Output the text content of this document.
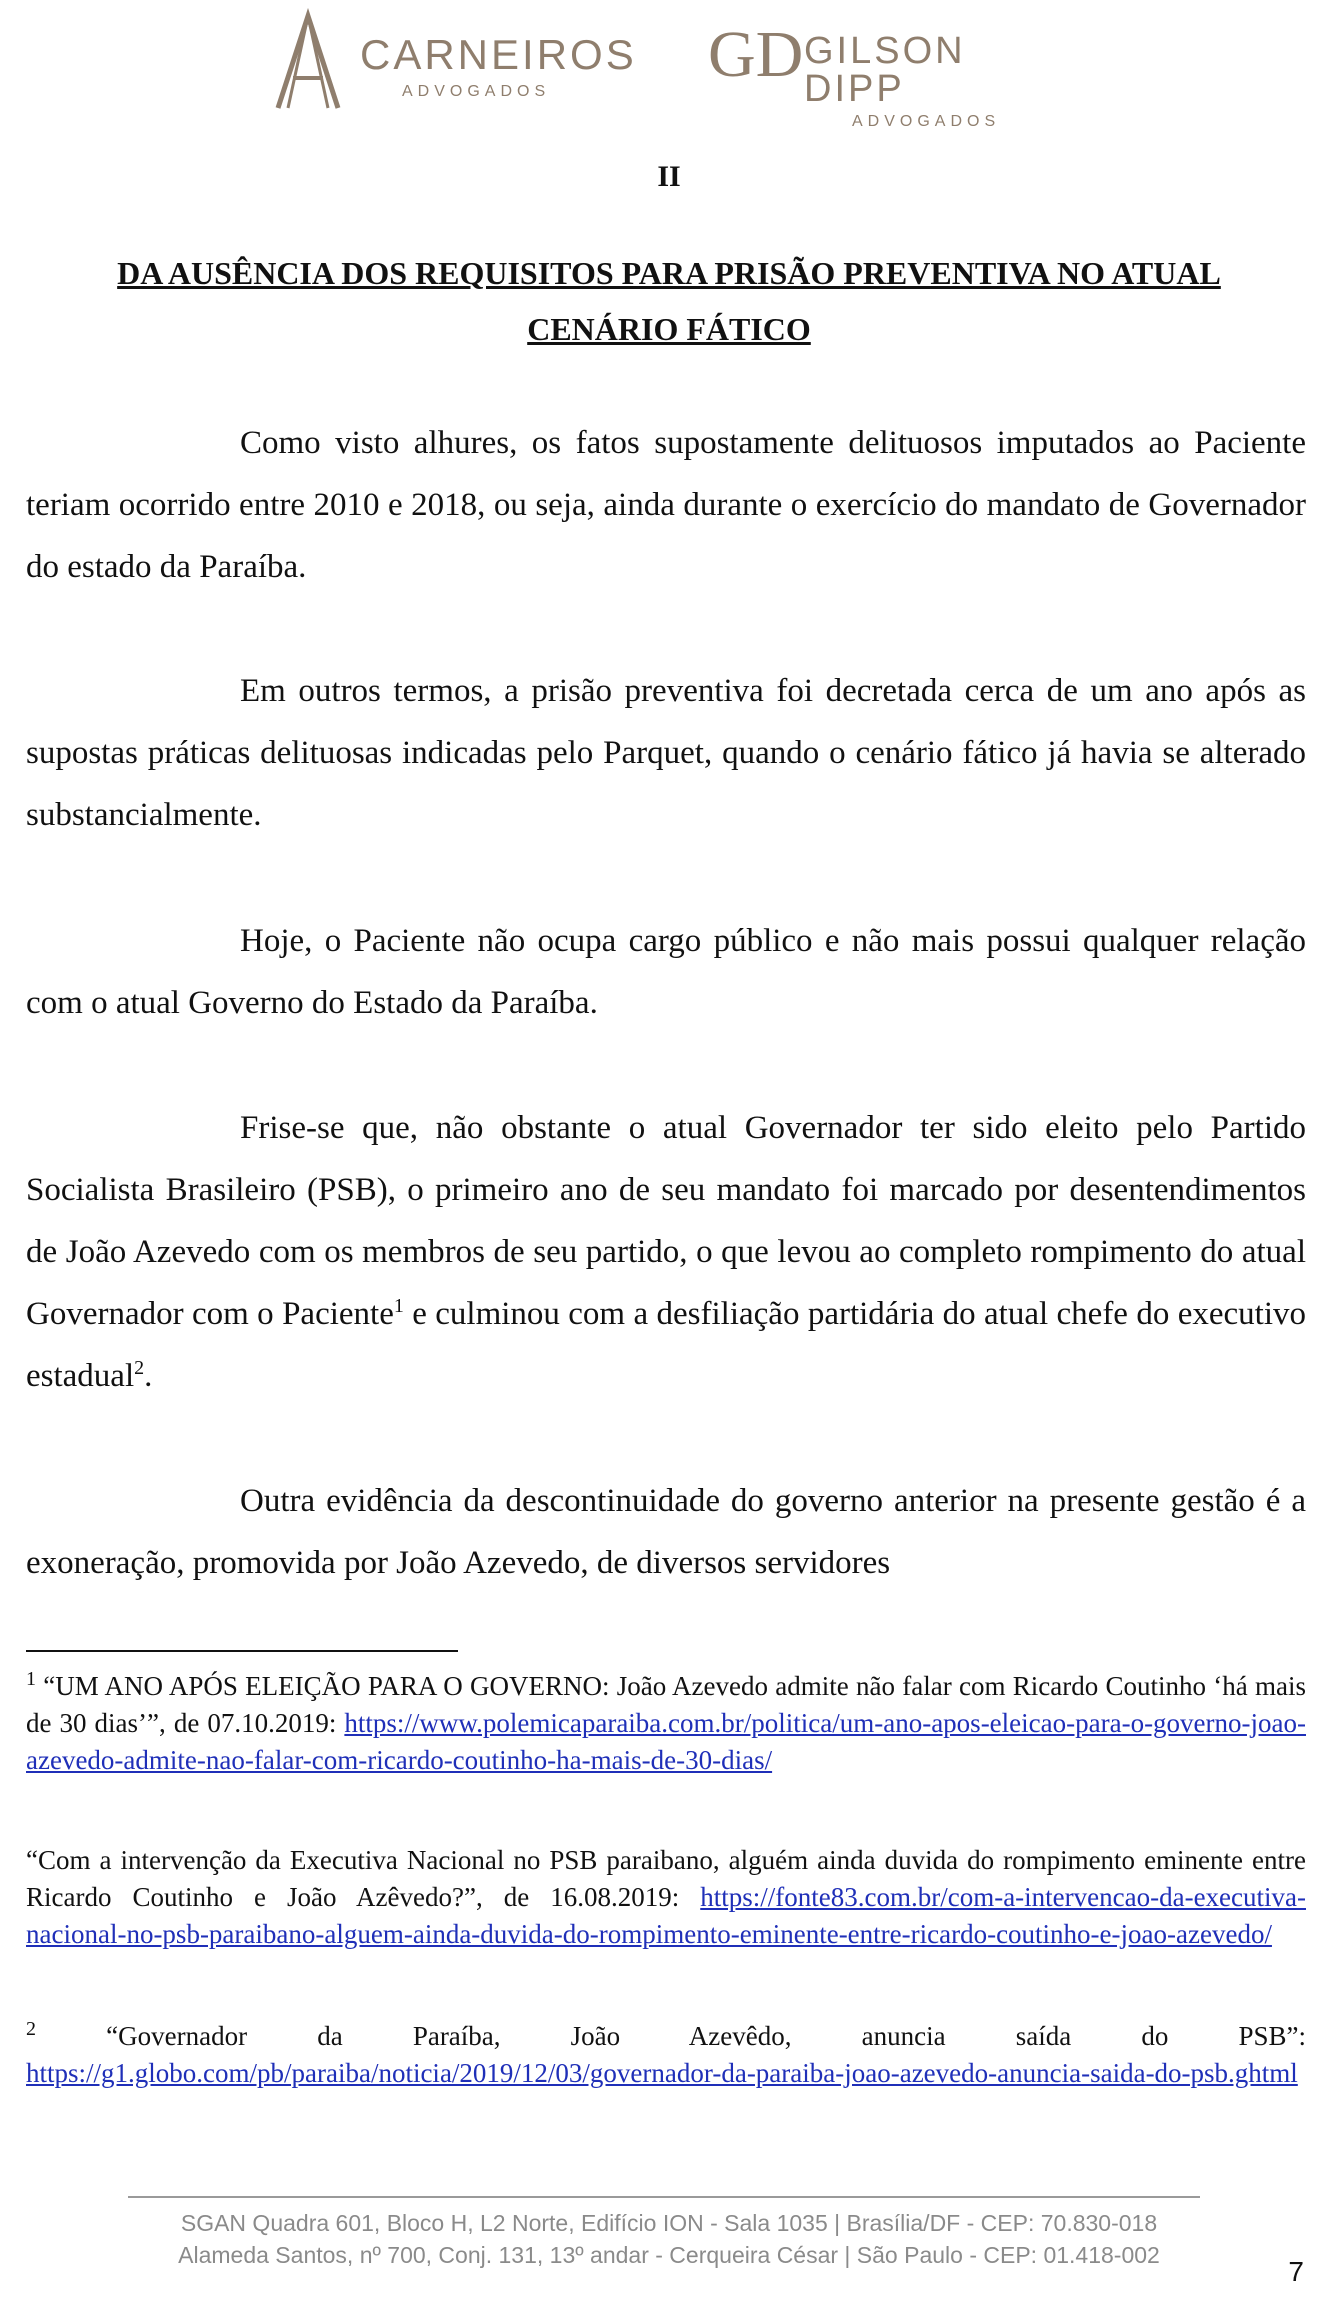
CARNEIROS
ADVOGADOS
GD GILSON DIPP
ADVOGADOS
II
DA AUSÊNCIA DOS REQUISITOS PARA PRISÃO PREVENTIVA NO ATUAL CENÁRIO FÁTICO

Como visto alhures, os fatos supostamente delituosos imputados ao Paciente teriam ocorrido entre 2010 e 2018, ou seja, ainda durante o exercício do mandato de Governador do estado da Paraíba.

Em outros termos, a prisão preventiva foi decretada cerca de um ano após as supostas práticas delituosas indicadas pelo Parquet, quando o cenário fático já havia se alterado substancialmente.

Hoje, o Paciente não ocupa cargo público e não mais possui qualquer relação com o atual Governo do Estado da Paraíba.

Frise-se que, não obstante o atual Governador ter sido eleito pelo Partido Socialista Brasileiro (PSB), o primeiro ano de seu mandato foi marcado por desentendimentos de João Azevedo com os membros de seu partido, o que levou ao completo rompimento do atual Governador com o Paciente$^1$ e culminou com a desfiliação partidária do atual chefe do executivo estadual$^2$.

Outra evidência da descontinuidade do governo anterior na presente gestão é a exoneração, promovida por João Azevedo, de diversos servidores

$^1$ “UM ANO APÓS ELEIÇÃO PARA O GOVERNO: João Azevedo admite não falar com Ricardo Coutinho ‘há mais de 30 dias’”, de 07.10.2019: https://www.polemicaparaiba.com.br/politica/um-ano-apos-eleicao-para-o-governo-joao-azevedo-admite-nao-falar-com-ricardo-coutinho-ha-mais-de-30-dias/

“Com a intervenção da Executiva Nacional no PSB paraibano, alguém ainda duvida do rompimento eminente entre Ricardo Coutinho e João Azêvedo?”, de 16.08.2019: https://fonte83.com.br/com-a-intervencao-da-executiva-nacional-no-psb-paraibano-alguem-ainda-duvida-do-rompimento-eminente-entre-ricardo-coutinho-e-joao-azevedo/

$^2$ “Governador da Paraíba, João Azevêdo, anuncia saída do PSB”: https://g1.globo.com/pb/paraiba/noticia/2019/12/03/governador-da-paraiba-joao-azevedo-anuncia-saida-do-psb.ghtml

SGAN Quadra 601, Bloco H, L2 Norte, Edifício ION - Sala 1035 | Brasília/DF - CEP: 70.830-018
Alameda Santos, nº 700, Conj. 131, 13º andar - Cerqueira César | São Paulo - CEP: 01.418-002
7
